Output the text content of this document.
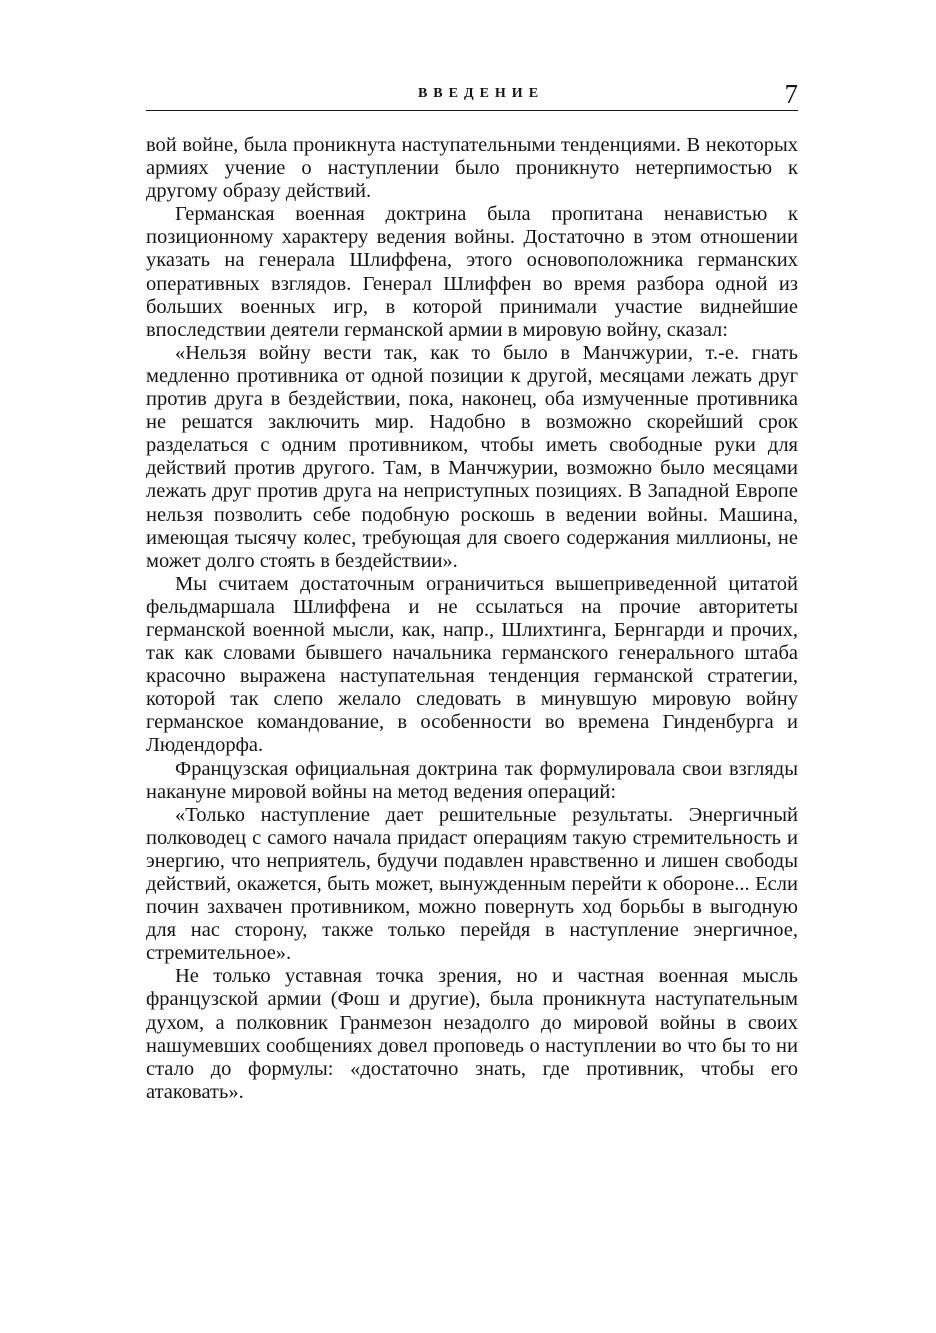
ВВЕДЕНИЕ	7

вой войне, была проникнута наступательными тенденциями. В некоторых армиях учение о наступлении было проникнуто нетерпимостью к другому образу действий.

Германская военная доктрина была пропитана ненавистью к позиционному характеру ведения войны. Достаточно в этом отношении указать на генерала Шлиффена, этого основоположника германских оперативных взглядов. Генерал Шлиффен во время разбора одной из больших военных игр, в которой принимали участие виднейшие впоследствии деятели германской армии в мировую войну, сказал:

«Нельзя войну вести так, как то было в Манчжурии, т.-е. гнать медленно противника от одной позиции к другой, месяцами лежать друг против друга в бездействии, пока, наконец, оба измученные противника не решатся заключить мир. Надобно в возможно скорейший срок разделаться с одним противником, чтобы иметь свободные руки для действий против другого. Там, в Манчжурии, возможно было месяцами лежать друг против друга на неприступных позициях. В Западной Европе нельзя позволить себе подобную роскошь в ведении войны. Машина, имеющая тысячу колес, требующая для своего содержания миллионы, не может долго стоять в бездействии».

Мы считаем достаточным ограничиться вышеприведенной цитатой фельдмаршала Шлиффена и не ссылаться на прочие авторитеты германской военной мысли, как, напр., Шлихтинга, Бернгарди и прочих, так как словами бывшего начальника германского генерального штаба красочно выражена наступательная тенденция германской стратегии, которой так слепо желало следовать в минувшую мировую войну германское командование, в особенности во времена Гинденбурга и Людендорфа.

Французская официальная доктрина так формулировала свои взгляды накануне мировой войны на метод ведения операций:

«Только наступление дает решительные результаты. Энергичный полководец с самого начала придаст операциям такую стремительность и энергию, что неприятель, будучи подавлен нравственно и лишен свободы действий, окажется, быть может, вынужденным перейти к обороне... Если почин захвачен противником, можно повернуть ход борьбы в выгодную для нас сторону, также только перейдя в наступление энергичное, стремительное».

Не только уставная точка зрения, но и частная военная мысль французской армии (Фош и другие), была проникнута наступательным духом, а полковник Гранмезон незадолго до мировой войны в своих нашумевших сообщениях довел проповедь о наступлении во что бы то ни стало до формулы: «достаточно знать, где противник, чтобы его атаковать».
